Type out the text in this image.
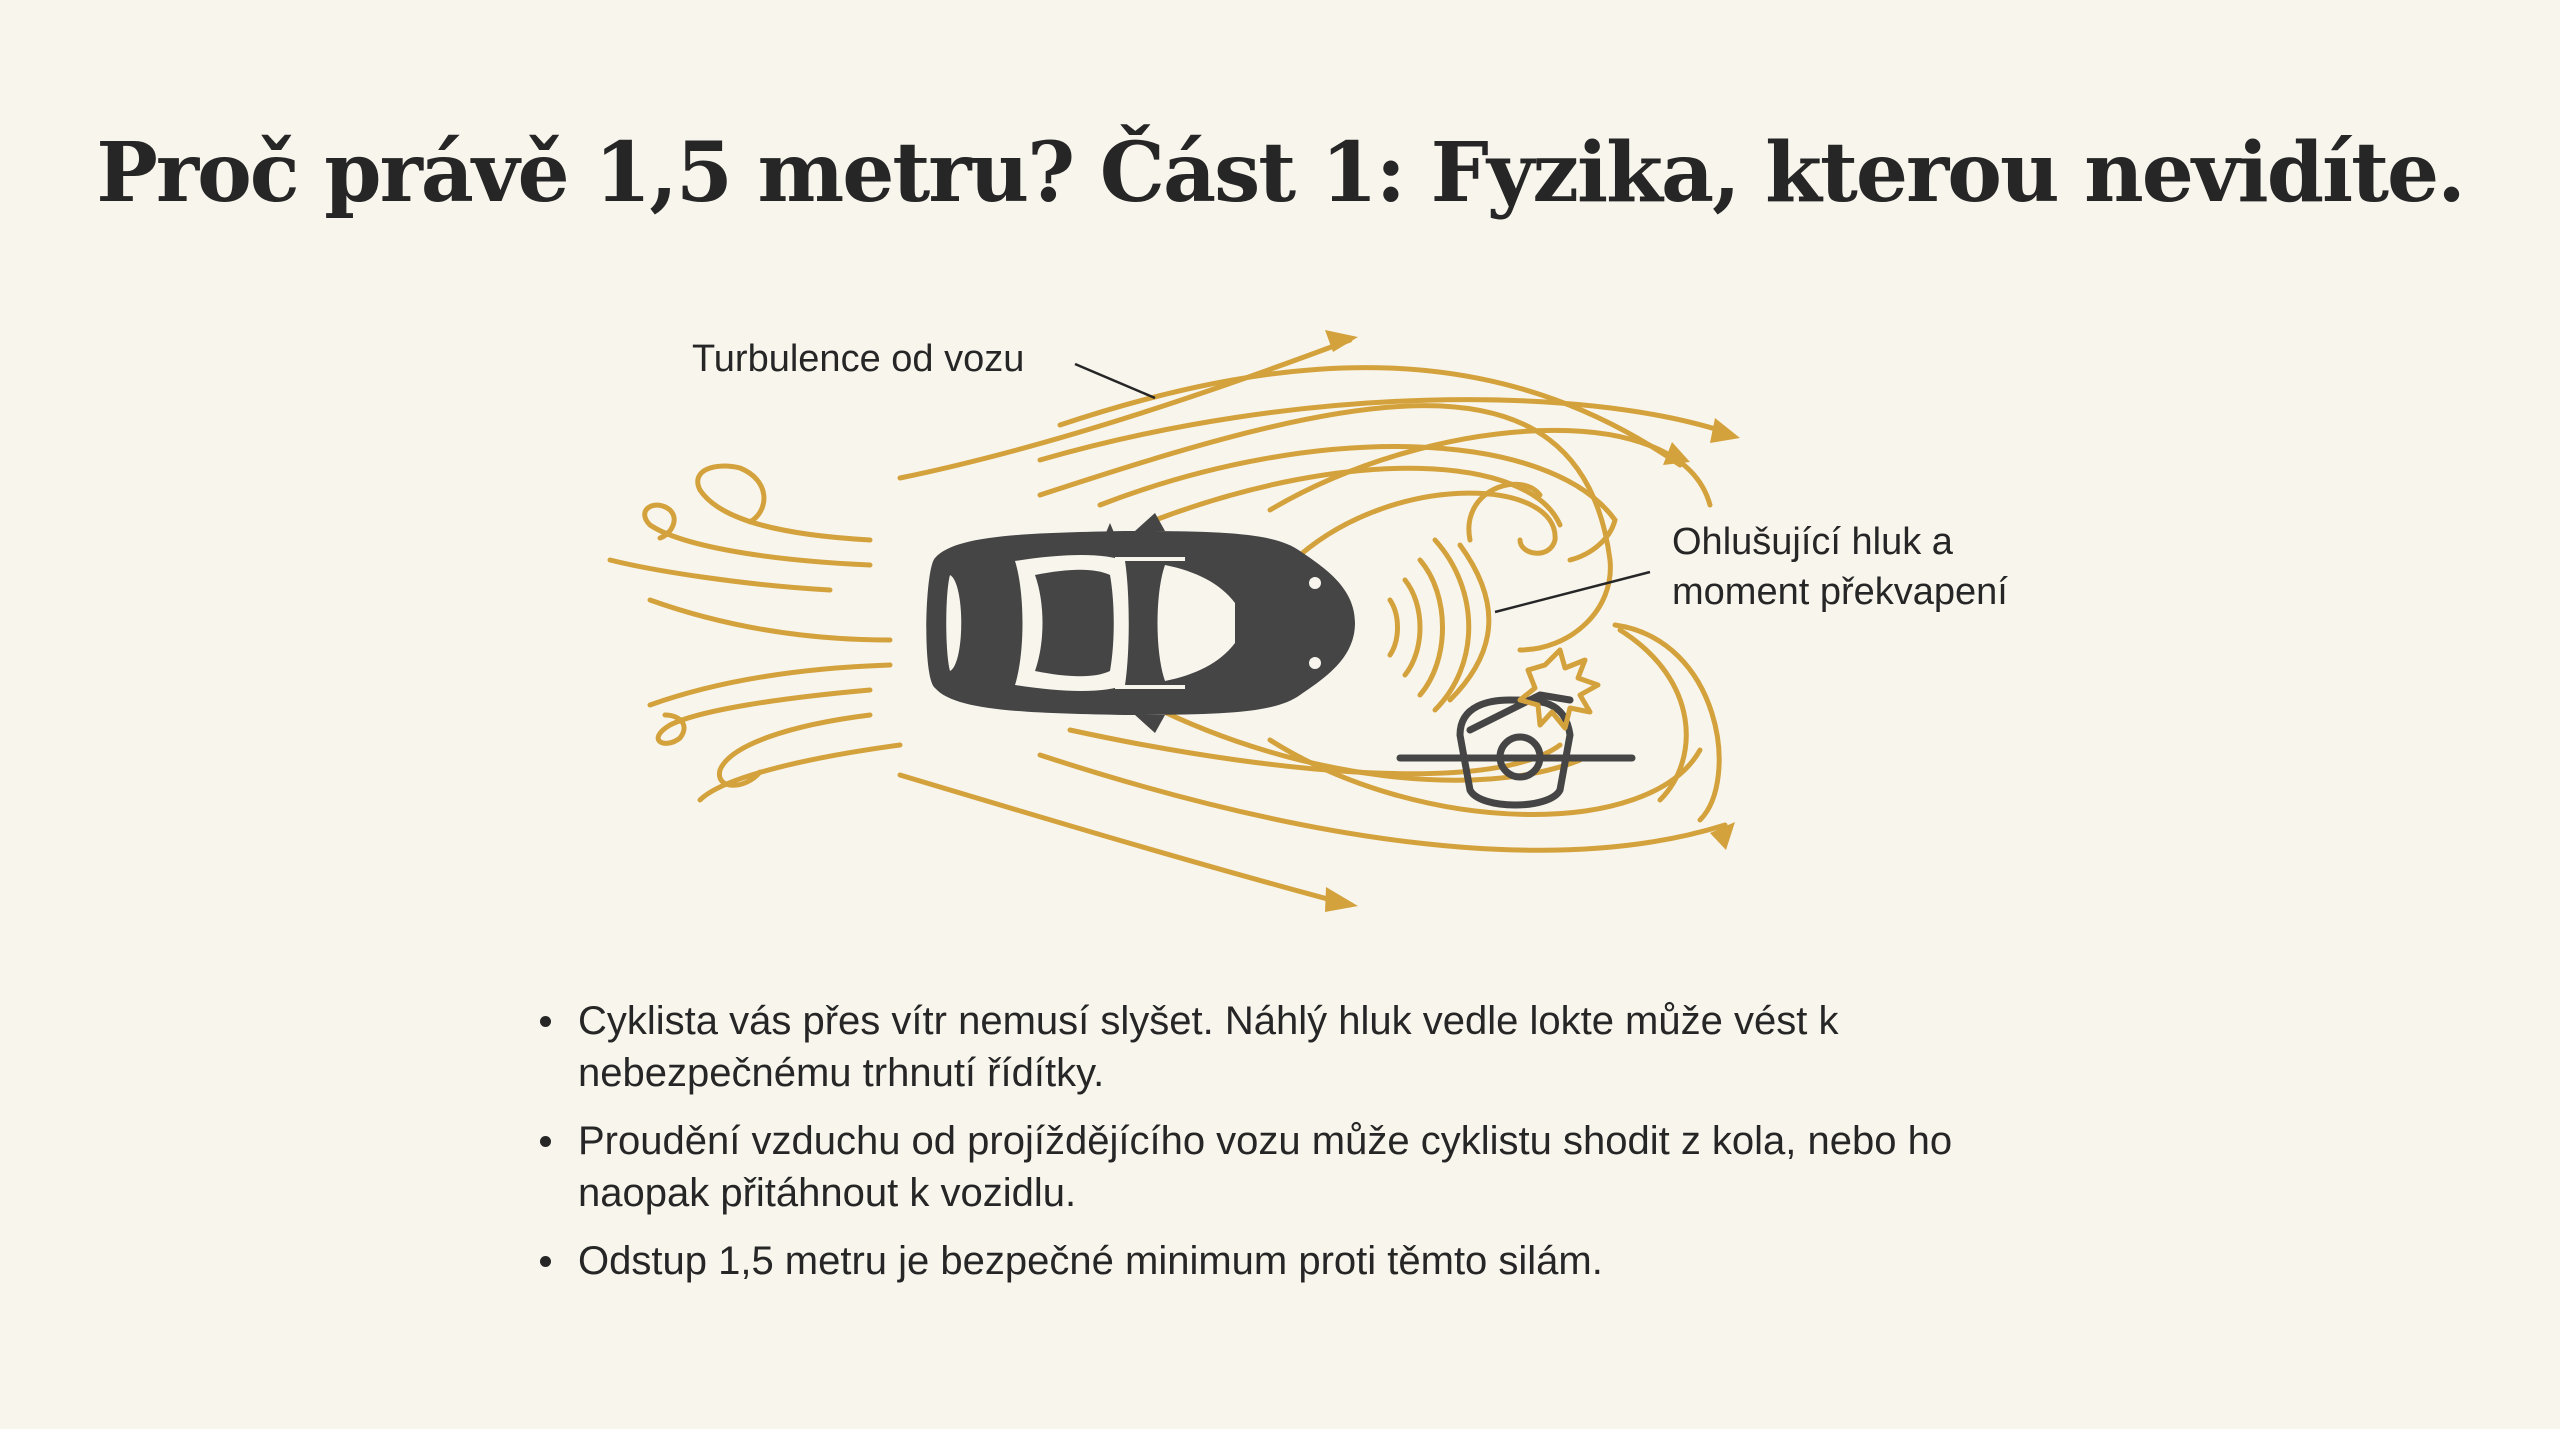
Proč právě 1,5 metru? Část 1: Fyzika, kterou nevidíte.
Turbulence od vozu
Ohlušující hluk a
moment překvapení
Cyklista vás přes vítr nemusí slyšet. Náhlý hluk vedle lokte může vést k nebezpečnému trhnutí řídítky.
Proudění vzduchu od projíždějícího vozu může cyklistu shodit z kola, nebo ho naopak přitáhnout k vozidlu.
Odstup 1,5 metru je bezpečné minimum proti těmto silám.
